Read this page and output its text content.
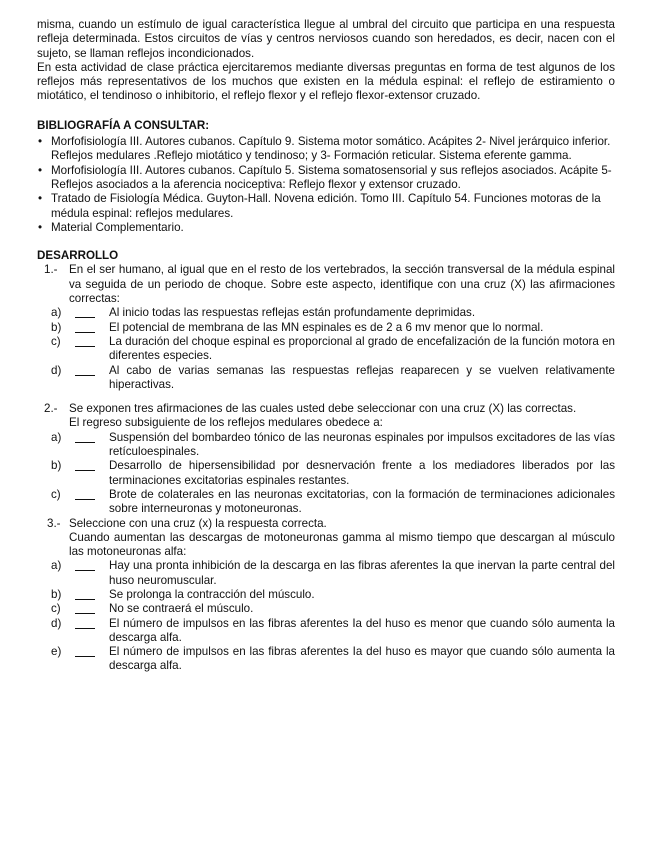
misma, cuando un estímulo de igual característica llegue al umbral del circuito que participa en una respuesta refleja determinada. Estos circuitos de vías y centros nerviosos cuando son heredados, es decir, nacen con el sujeto, se llaman reflejos incondicionados.

En esta actividad de clase práctica ejercitaremos mediante diversas preguntas en forma de test algunos de los reflejos más representativos de los muchos que existen en la médula espinal: el reflejo de estiramiento o miotático, el tendinoso o inhibitorio, el reflejo flexor y el reflejo flexor-extensor cruzado.

BIBLIOGRAFÍA A CONSULTAR:
• Morfofisiología III. Autores cubanos. Capítulo 9. Sistema motor somático. Acápites 2- Nivel jerárquico inferior. Reflejos medulares .Reflejo miotático y tendinoso; y 3- Formación reticular. Sistema eferente gamma.
• Morfofisiología III. Autores cubanos. Capítulo 5. Sistema somatosensorial y sus reflejos asociados. Acápite 5-Reflejos asociados a la aferencia nociceptiva: Reflejo flexor y extensor cruzado.
• Tratado de Fisiología Médica. Guyton-Hall. Novena edición. Tomo III. Capítulo 54. Funciones motoras de la médula espinal: reflejos medulares.
• Material Complementario.
DESARROLLO
1.- En el ser humano, al igual que en el resto de los vertebrados, la sección transversal de la médula espinal va seguida de un periodo de choque. Sobre este aspecto, identifique con una cruz (X) las afirmaciones correctas:
a)	Al inicio todas las respuestas reflejas están profundamente deprimidas.
b)	El potencial de membrana de las MN espinales es de 2 a 6 mv menor que lo normal.
c)	La duración del choque espinal es proporcional al grado de encefalización de la función motora en diferentes especies.
d)	Al cabo de varias semanas las respuestas reflejas reaparecen y se vuelven relativamente hiperactivas.
2.- Se exponen tres afirmaciones de las cuales usted debe seleccionar con una cruz (X) las correctas.
El regreso subsiguiente de los reflejos medulares obedece a:
a)	Suspensión del bombardeo tónico de las neuronas espinales por impulsos excitadores de las vías retículoespinales.
b)	Desarrollo de hipersensibilidad por desnervación frente a los mediadores liberados por las terminaciones excitatorias espinales restantes.
c)	Brote de colaterales en las neuronas excitatorias, con la formación de terminaciones adicionales sobre interneuronas y motoneuronas.
3.- Seleccione con una cruz (x) la respuesta correcta.
Cuando aumentan las descargas de motoneuronas gamma al mismo tiempo que descargan al músculo las motoneuronas alfa:
a)	Hay una pronta inhibición de la descarga en las fibras aferentes Ia que inervan la parte central del huso neuromuscular.
b)	Se prolonga la contracción del músculo.
c)	No se contraerá el músculo.
d)	El número de impulsos en las fibras aferentes Ia del huso es menor que cuando sólo aumenta la descarga alfa.
e)	El número de impulsos en las fibras aferentes Ia del huso es mayor que cuando sólo aumenta la descarga alfa.
